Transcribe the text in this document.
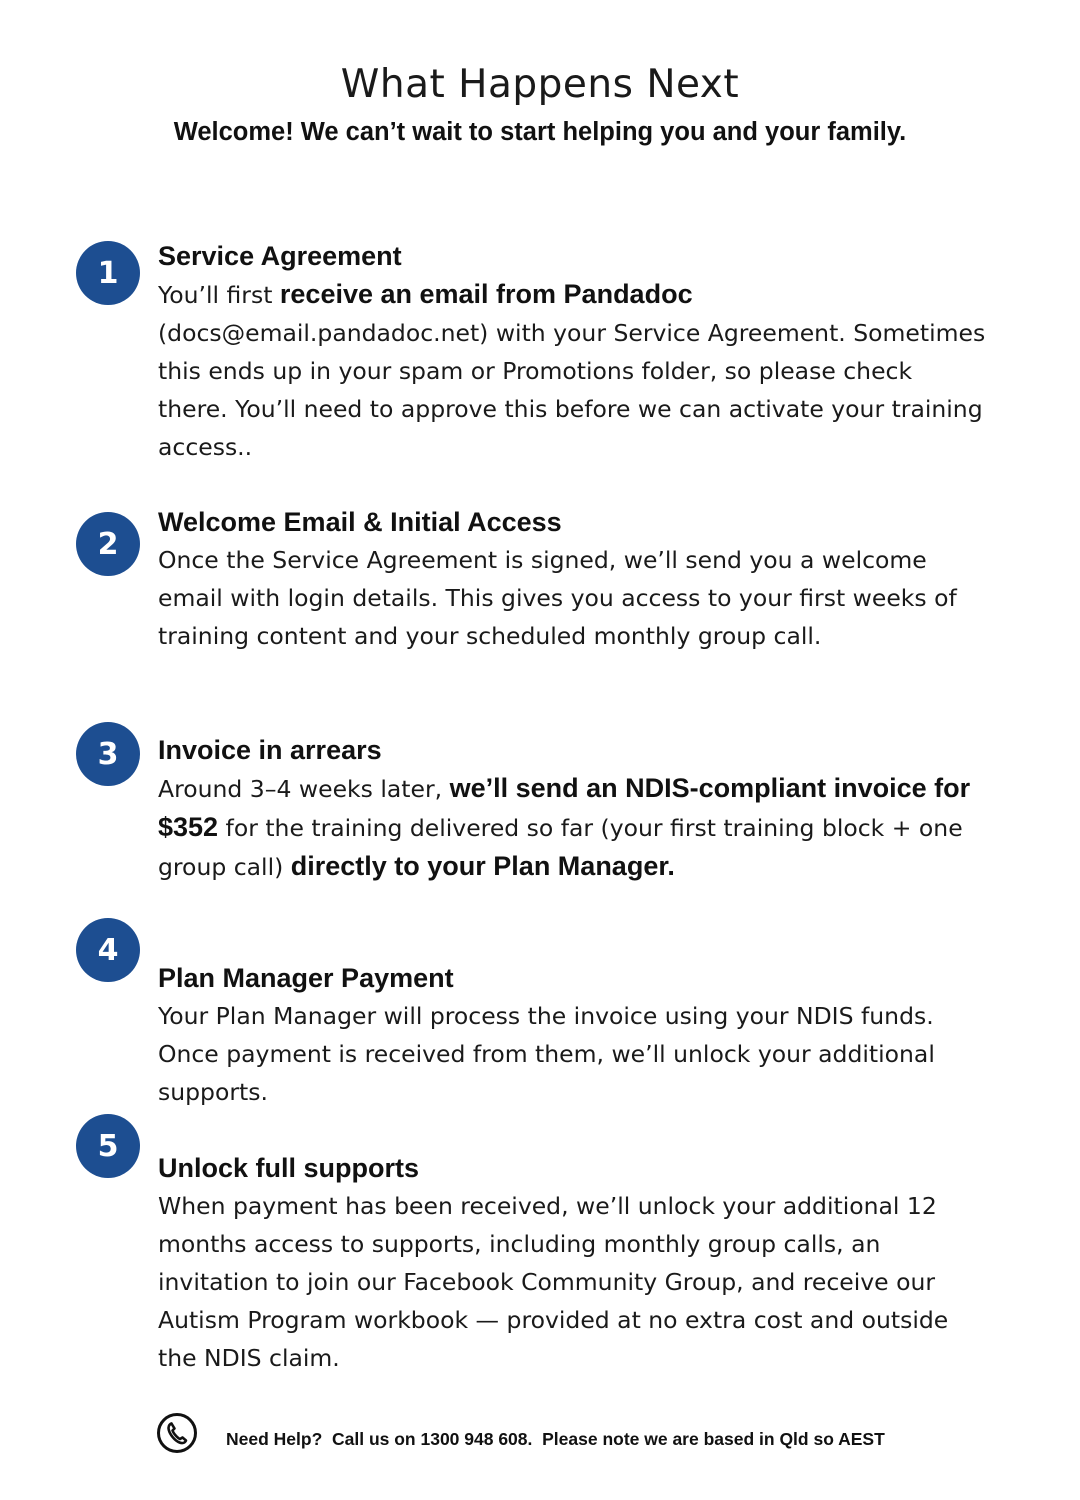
What Happens Next
Welcome! We can’t wait to start helping you and your family.
1	Service Agreement
You’ll first receive an email from Pandadoc (docs@email.pandadoc.net) with your Service Agreement. Sometimes this ends up in your spam or Promotions folder, so please check there. You’ll need to approve this before we can activate your training access..
2
Welcome Email & Initial Access
Once the Service Agreement is signed, we’ll send you a welcome email with login details. This gives you access to your first weeks of training content and your scheduled monthly group call.
3	Invoice in arrears
Around 3–4 weeks later, we’ll send an NDIS-compliant invoice for $352 for the training delivered so far (your first training block + one group call) directly to your Plan Manager.
4
Plan Manager Payment
Your Plan Manager will process the invoice using your NDIS funds. Once payment is received from them, we’ll unlock your additional supports.
5
Unlock full supports
When payment has been received, we’ll unlock your additional 12 months access to supports, including monthly group calls, an invitation to join our Facebook Community Group, and receive our Autism Program workbook — provided at no extra cost and outside the NDIS claim.
Need Help?  Call us on 1300 948 608.  Please note we are based in Qld so AEST
